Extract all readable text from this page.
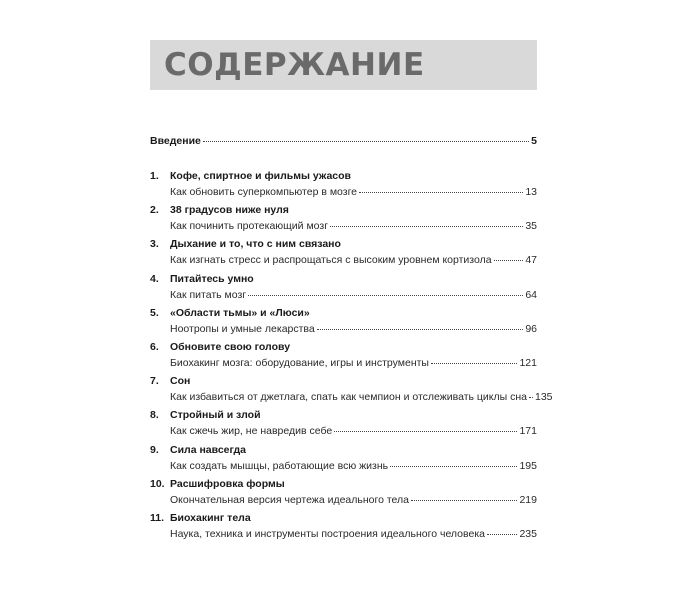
СОДЕРЖАНИЕ
Введение	5
1. Кофе, спиртное и фильмы ужасов
Как обновить суперкомпьютер в мозге	13
2. 38 градусов ниже нуля
Как починить протекающий мозг	35
3. Дыхание и то, что с ним связано
Как изгнать стресс и распрощаться с высоким уровнем кортизола	47
4. Питайтесь умно
Как питать мозг	64
5. «Области тьмы» и «Люси»
Ноотропы и умные лекарства	96
6. Обновите свою голову
Биохакинг мозга: оборудование, игры и инструменты	121
7. Сон
Как избавиться от джетлага, спать как чемпион и отслеживать циклы сна 135
8. Стройный и злой
Как сжечь жир, не навредив себе	171
9. Сила навсегда
Как создать мышцы, работающие всю жизнь	195
10. Расшифровка формы
Окончательная версия чертежа идеального тела	219
11. Биохакинг тела
Наука, техника и инструменты построения идеального человека	235
